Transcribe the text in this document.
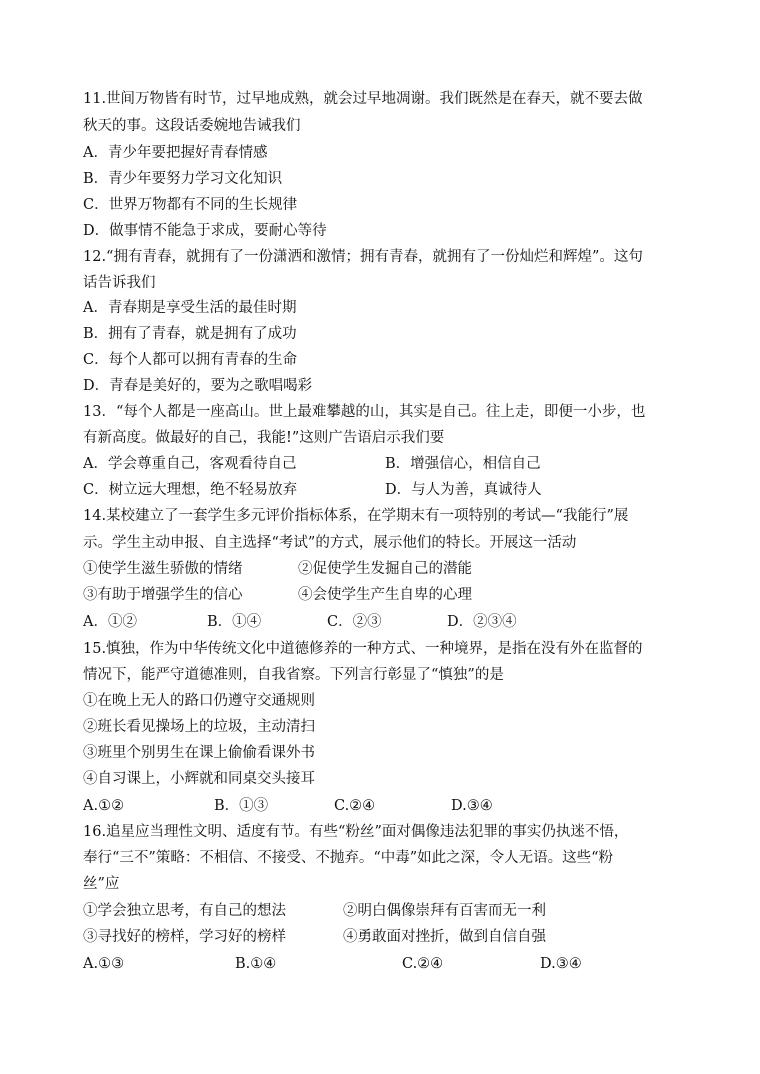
11.世间万物皆有时节，过早地成熟，就会过早地凋谢。我们既然是在春天，就不要去做
秋天的事。这段话委婉地告诫我们
A．青少年要把握好青春情感
B．青少年要努力学习文化知识
C．世界万物都有不同的生长规律
D．做事情不能急于求成，要耐心等待
12.“拥有青春，就拥有了一份潇洒和激情；拥有青春，就拥有了一份灿烂和辉煌”。这句
话告诉我们
A．青春期是享受生活的最佳时期
B．拥有了青春，就是拥有了成功
C．每个人都可以拥有青春的生命
D．青春是美好的，要为之歌唱喝彩
13．“每个人都是一座高山。世上最难攀越的山，其实是自己。往上走，即便一小步，也
有新高度。做最好的自己，我能!”这则广告语启示我们要
A．学会尊重自己，客观看待自己	B．增强信心，相信自己
C．树立远大理想，绝不轻易放弃	D．与人为善，真诚待人
14.某校建立了一套学生多元评价指标体系，在学期末有一项特别的考试—“我能行”展
示。学生主动申报、自主选择“考试”的方式，展示他们的特长。开展这一活动
①使学生滋生骄傲的情绪	②促使学生发掘自己的潜能
③有助于增强学生的信心	④会使学生产生自卑的心理
A．①②	B．①④	C．②③	D．②③④
15.慎独，作为中华传统文化中道德修养的一种方式、一种境界，是指在没有外在监督的
情况下，能严守道德准则，自我省察。下列言行彰显了“慎独”的是
①在晚上无人的路口仍遵守交通规则
②班长看见操场上的垃圾，主动清扫
③班里个别男生在课上偷偷看课外书
④自习课上，小辉就和同桌交头接耳
A.①②	B．①③	C.②④	D.③④
16.追星应当理性文明、适度有节。有些“粉丝”面对偶像违法犯罪的事实仍执迷不悟，
奉行“三不”策略：不相信、不接受、不抛弃。“中毒”如此之深，令人无语。这些“粉
丝”应
①学会独立思考，有自己的想法	②明白偶像崇拜有百害而无一利
③寻找好的榜样，学习好的榜样	④勇敢面对挫折，做到自信自强
A.①③	B.①④	C.②④	D.③④
